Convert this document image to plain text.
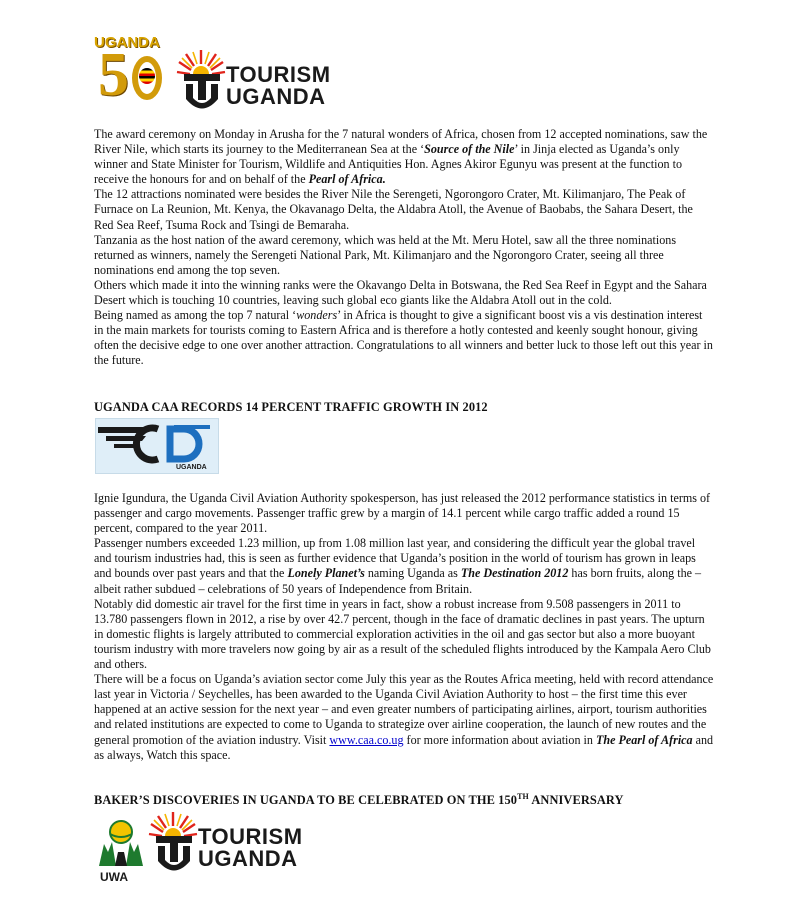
UGANDA
5	TOURISM
UGANDA

The award ceremony on Monday in Arusha for the 7 natural wonders of Africa, chosen from 12 accepted nominations, saw the River Nile, which starts its journey to the Mediterranean Sea at the ‘Source of the Nile’ in Jinja elected as Uganda’s only winner and State Minister for Tourism, Wildlife and Antiquities Hon. Agnes Akiror Egunyu was present at the function to receive the honours for and on behalf of the Pearl of Africa.

The 12 attractions nominated were besides the River Nile the Serengeti, Ngorongoro Crater, Mt. Kilimanjaro, The Peak of Furnace on La Reunion, Mt. Kenya, the Okavanago Delta, the Aldabra Atoll, the Avenue of Baobabs, the Sahara Desert, the Red Sea Reef, Tsuma Rock and Tsingi de Bemaraha.

Tanzania as the host nation of the award ceremony, which was held at the Mt. Meru Hotel, saw all the three nominations returned as winners, namely the Serengeti National Park, Mt. Kilimanjaro and the Ngorongoro Crater, seeing all three nominations end among the top seven.

Others which made it into the winning ranks were the Okavango Delta in Botswana, the Red Sea Reef in Egypt and the Sahara Desert which is touching 10 countries, leaving such global eco giants like the Aldabra Atoll out in the cold.

Being named as among the top 7 natural ‘wonders’ in Africa is thought to give a significant boost vis a vis destination interest in the main markets for tourists coming to Eastern Africa and is therefore a hotly contested and keenly sought honour, giving often the decisive edge to one over another attraction. Congratulations to all winners and better luck to those left out this year in the future.

UGANDA CAA RECORDS 14 PERCENT TRAFFIC GROWTH IN 2012
UGANDA

Ignie Igundura, the Uganda Civil Aviation Authority spokesperson, has just released the 2012 performance statistics in terms of passenger and cargo movements. Passenger traffic grew by a margin of 14.1 percent while cargo traffic added a round 15 percent, compared to the year 2011.

Passenger numbers exceeded 1.23 million, up from 1.08 million last year, and considering the difficult year the global travel and tourism industries had, this is seen as further evidence that Uganda’s position in the world of tourism has grown in leaps and bounds over past years and that the Lonely Planet’s naming Uganda as The Destination 2012 has born fruits, along the – albeit rather subdued – celebrations of 50 years of Independence from Britain.

Notably did domestic air travel for the first time in years in fact, show a robust increase from 9.508 passengers in 2011 to 13.780 passengers flown in 2012, a rise by over 42.7 percent, though in the face of dramatic declines in past years. The upturn in domestic flights is largely attributed to commercial exploration activities in the oil and gas sector but also a more buoyant tourism industry with more travelers now going by air as a result of the scheduled flights introduced by the Kampala Aero Club and others.

There will be a focus on Uganda’s aviation sector come July this year as the Routes Africa meeting, held with record attendance last year in Victoria / Seychelles, has been awarded to the Uganda Civil Aviation Authority to host – the first time this ever happened at an active session for the next year – and even greater numbers of participating airlines, airport, tourism authorities and related institutions are expected to come to Uganda to strategize over airline cooperation, the launch of new routes and the general promotion of the aviation industry. Visit www.caa.co.ug for more information about aviation in The Pearl of Africa and as always, Watch this space.

BAKER’S DISCOVERIES IN UGANDA TO BE CELEBRATED ON THE 150TH ANNIVERSARY
UWA
TOURISM
UGANDA
